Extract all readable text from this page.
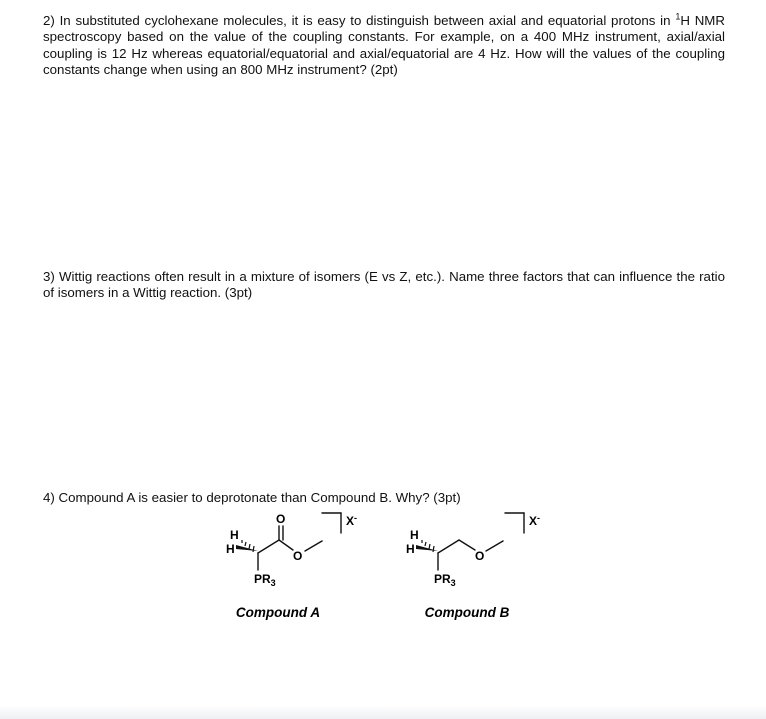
2) In substituted cyclohexane molecules, it is easy to distinguish between axial and equatorial protons in $^1$H NMR spectroscopy based on the value of the coupling constants. For example, on a 400 MHz instrument, axial/axial coupling is 12 Hz whereas equatorial/equatorial and axial/equatorial are 4 Hz. How will the values of the coupling constants change when using an 800 MHz instrument? (2pt)
3) Wittig reactions often result in a mixture of isomers (E vs Z, etc.). Name three factors that can influence the ratio of isomers in a Wittig reaction. (3pt)
4) Compound A is easier to deprotonate than Compound B. Why? (3pt)
H
H
O
O
$PR_3$
X-
Compound A
H
H	O
$PR_3$
X-
Compound B
